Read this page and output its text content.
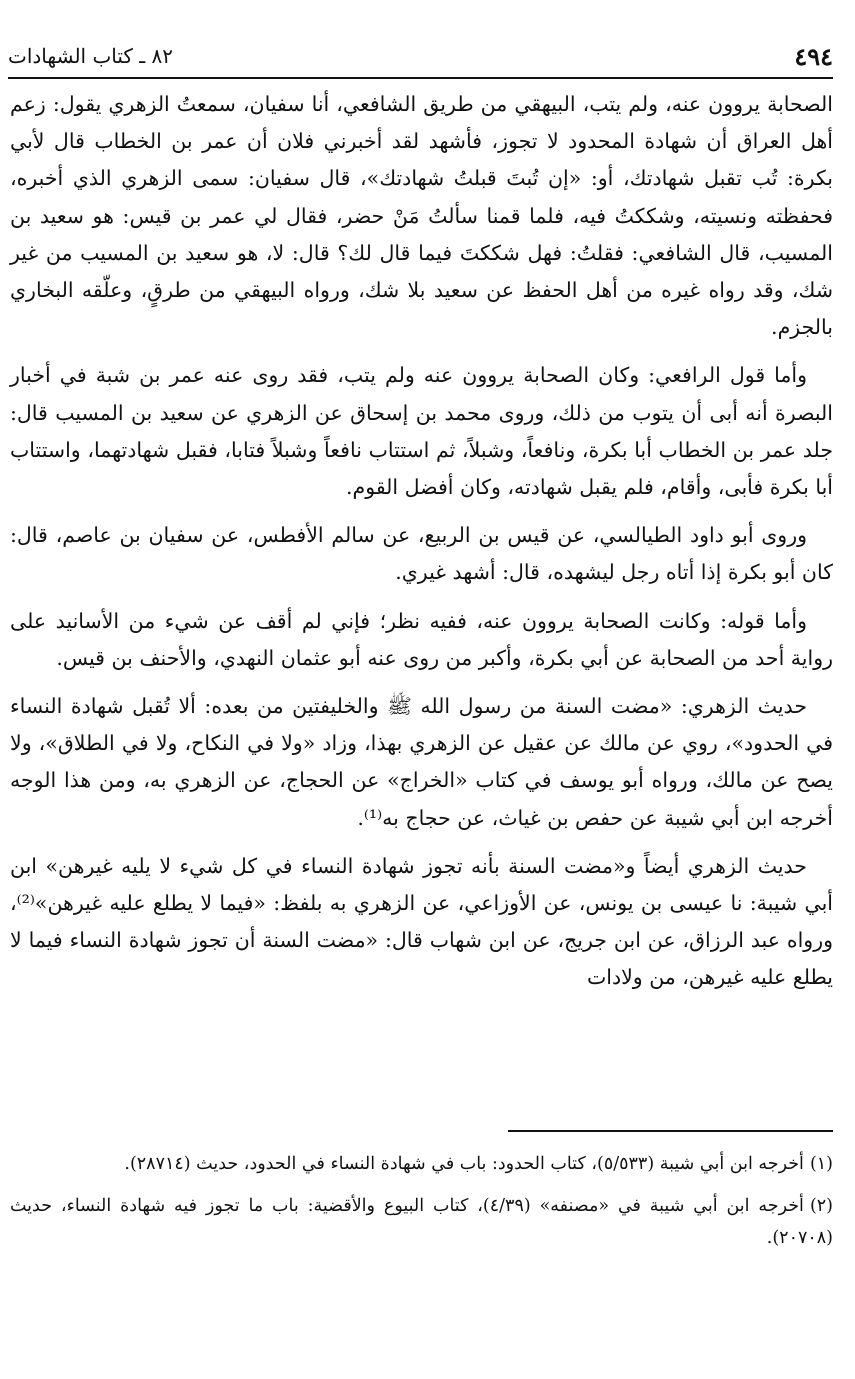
٨٢ ـ كتاب الشهادات	٤٩٤

الصحابة يروون عنه، ولم يتب، البيهقي من طريق الشافعي، أنا سفيان، سمعتُ الزهري يقول: زعم أهل العراق أن شهادة المحدود لا تجوز، فأشهد لقد أخبرني فلان أن عمر بن الخطاب قال لأبي بكرة: تُب تقبل شهادتك، أو: «إن تُبتَ قبلتُ شهادتك»، قال سفيان: سمى الزهري الذي أخبره، فحفظته ونسيته، وشككتُ فيه، فلما قمنا سألتُ مَنْ حضر، فقال لي عمر بن قيس: هو سعيد بن المسيب، قال الشافعي: فقلتُ: فهل شككتَ فيما قال لك؟ قال: لا، هو سعيد بن المسيب من غير شك، وقد رواه غيره من أهل الحفظ عن سعيد بلا شك، ورواه البيهقي من طرقٍ، وعلّقه البخاري بالجزم.

وأما قول الرافعي: وكان الصحابة يروون عنه ولم يتب، فقد روى عنه عمر بن شبة في أخبار البصرة أنه أبى أن يتوب من ذلك، وروى محمد بن إسحاق عن الزهري عن سعيد بن المسيب قال: جلد عمر بن الخطاب أبا بكرة، ونافعاً، وشبلاً، ثم استتاب نافعاً وشبلاً فتابا، فقبل شهادتهما، واستتاب أبا بكرة فأبى، وأقام، فلم يقبل شهادته، وكان أفضل القوم.

وروى أبو داود الطيالسي، عن قيس بن الربيع، عن سالم الأفطس، عن سفيان بن عاصم، قال: كان أبو بكرة إذا أتاه رجل ليشهده، قال: أشهد غيري.

وأما قوله: وكانت الصحابة يروون عنه، ففيه نظر؛ فإني لم أقف عن شيء من الأسانيد على رواية أحد من الصحابة عن أبي بكرة، وأكبر من روى عنه أبو عثمان النهدي، والأحنف بن قيس.

حديث الزهري: «مضت السنة من رسول الله ﷺ والخليفتين من بعده: ألا تُقبل شهادة النساء في الحدود»، روي عن مالك عن عقيل عن الزهري بهذا، وزاد «ولا في النكاح، ولا في الطلاق»، ولا يصح عن مالك، ورواه أبو يوسف في كتاب «الخراج» عن الحجاج، عن الزهري به، ومن هذا الوجه أخرجه ابن أبي شيبة عن حفص بن غياث، عن حجاج به⁽¹⁾.

حديث الزهري أيضاً و«مضت السنة بأنه تجوز شهادة النساء في كل شيء لا يليه غيرهن» ابن أبي شيبة: نا عيسى بن يونس، عن الأوزاعي، عن الزهري به بلفظ: «فيما لا يطلع عليه غيرهن»⁽²⁾، ورواه عبد الرزاق، عن ابن جريج، عن ابن شهاب قال: «مضت السنة أن تجوز شهادة النساء فيما لا يطلع عليه غيرهن، من ولادات

(١)أخرجه ابن أبي شيبة (٥/٥٣٣)، كتاب الحدود: باب في شهادة النساء في الحدود، حديث (٢٨٧١٤).

(٢)أخرجه ابن أبي شيبة في «مصنفه» (٤/٣٩)، كتاب البيوع والأقضية: باب ما تجوز فيه شهادة النساء، حديث (٢٠٧٠٨).
